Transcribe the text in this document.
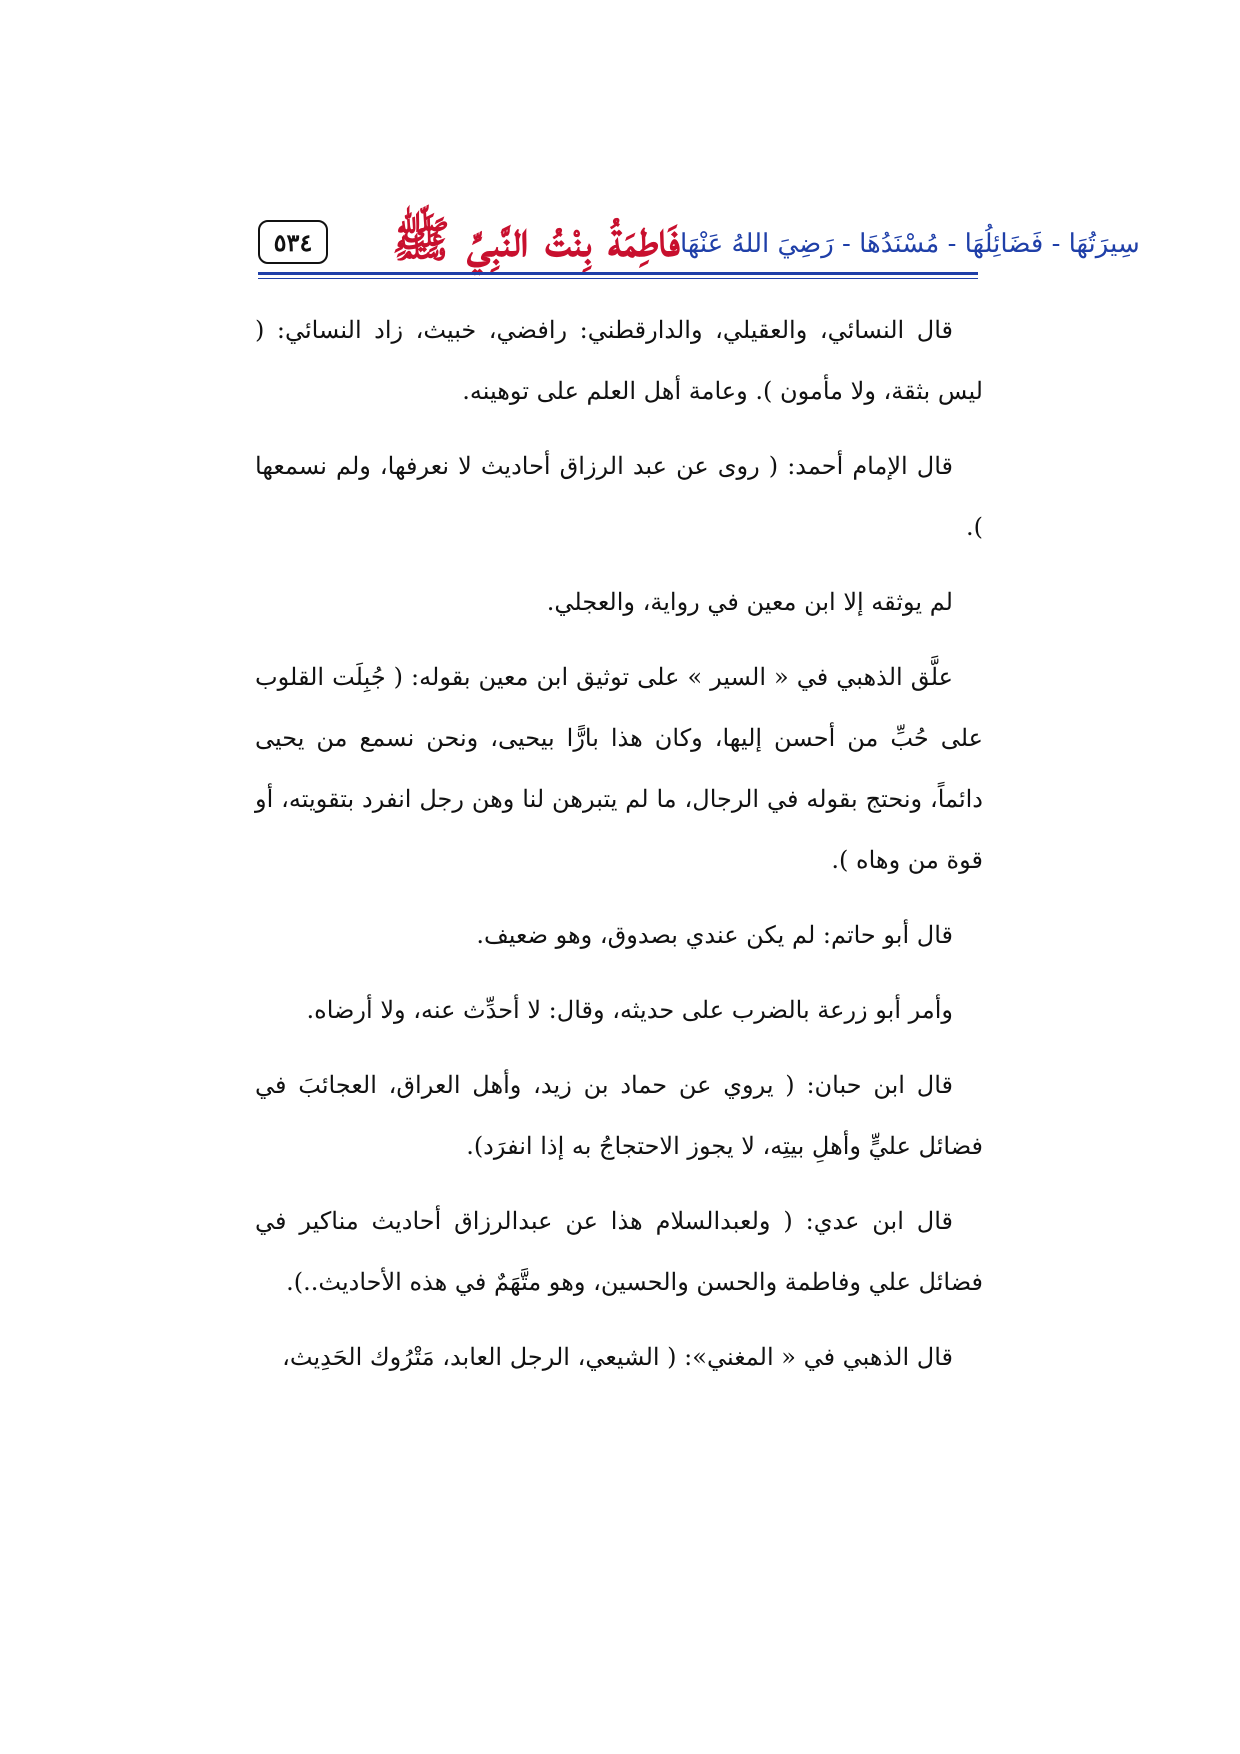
فَاطِمَةُ بِنْتُ النَّبِيِّ ﷺ سِيرَتُهَا - فَضَائِلُهَا - مُسْنَدُهَا - رَضِيَ اللهُ عَنْهَا
٥٣٤

قال النسائي، والعقيلي، والدارقطني: رافضي، خبيث، زاد النسائي: ( ليس بثقة، ولا مأمون ). وعامة أهل العلم على توهينه.

قال الإمام أحمد: ( روى عن عبد الرزاق أحاديث لا نعرفها، ولم نسمعها ).

لم يوثقه إلا ابن معين في رواية، والعجلي.

علَّق الذهبي في « السير » على توثيق ابن معين بقوله: ( جُبِلَت القلوب على حُبِّ من أحسن إليها، وكان هذا بارًّا بيحيى، ونحن نسمع من يحيى دائماً، ونحتج بقوله في الرجال، ما لم يتبرهن لنا وهن رجل انفرد بتقويته، أو قوة من وهاه ).

قال أبو حاتم: لم يكن عندي بصدوق، وهو ضعيف.

وأمر أبو زرعة بالضرب على حديثه، وقال: لا أحدِّث عنه، ولا أرضاه.

قال ابن حبان: ( يروي عن حماد بن زيد، وأهل العراق، العجائبَ في فضائل عليٍّ وأهلِ بيتِه، لا يجوز الاحتجاجُ به إذا انفرَد).

قال ابن عدي: ( ولعبدالسلام هذا عن عبدالرزاق أحاديث مناكير في فضائل علي وفاطمة والحسن والحسين، وهو متَّهَمٌ في هذه الأحاديث..).

قال الذهبي في « المغني»: ( الشيعي، الرجل العابد، مَتْرُوك الحَدِيث،
